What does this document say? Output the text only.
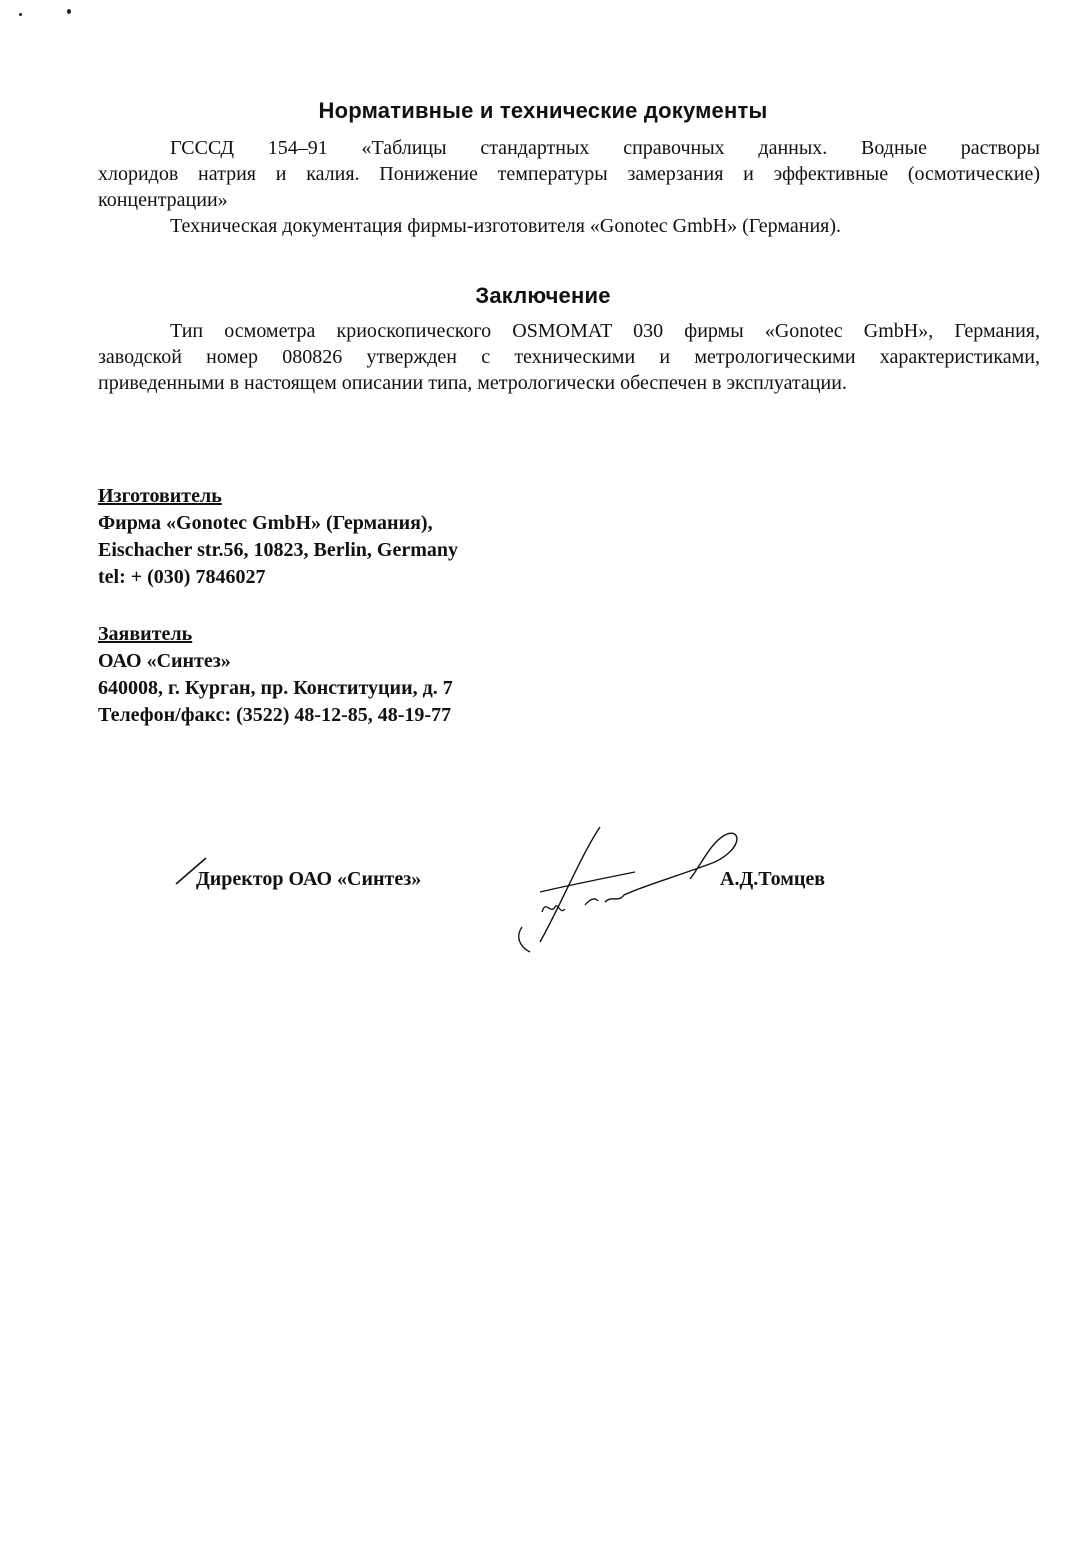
Нормативные и технические документы
ГСССД 154–91 «Таблицы стандартных справочных данных. Водные растворы
хлоридов натрия и калия. Понижение температуры замерзания и эффективные (осмотические)
концентрации»
Техническая документация фирмы-изготовителя «Gonotec GmbH» (Германия).
Заключение
Тип осмометра криоскопического OSMOMAT 030 фирмы «Gonotec GmbH», Германия,
заводской номер 080826 утвержден с техническими и метрологическими характеристиками,
приведенными в настоящем описании типа, метрологически обеспечен в эксплуатации.
Изготовитель
Фирма «Gonotec GmbH» (Германия),
Eischacher str.56, 10823, Berlin, Germany
tel: + (030) 7846027
Заявитель
ОАО «Синтез»
640008, г. Курган, пр. Конституции, д. 7
Телефон/факс: (3522) 48-12-85, 48-19-77
Директор ОАО «Синтез»	А.Д.Томцев
